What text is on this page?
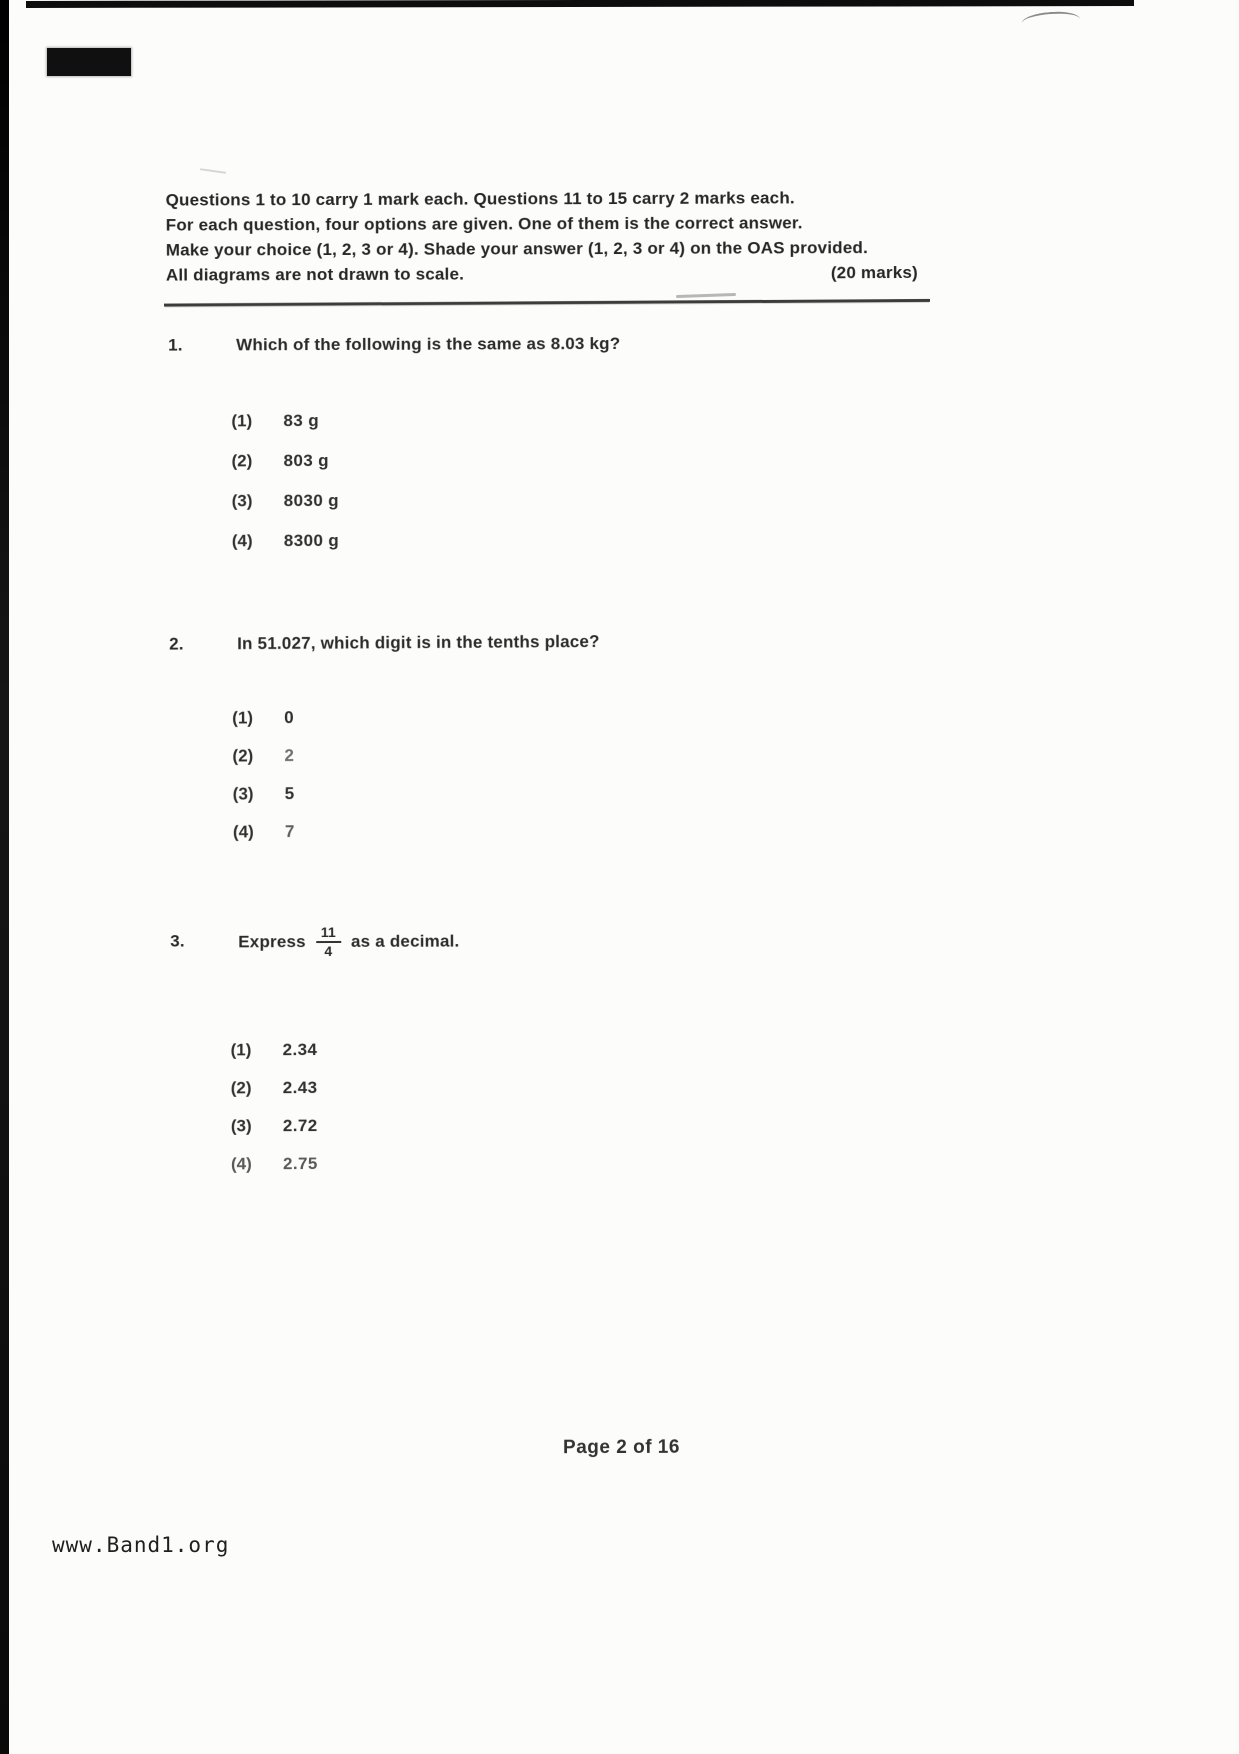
Questions 1 to 10 carry 1 mark each. Questions 11 to 15 carry 2 marks each.

For each question, four options are given. One of them is the correct answer.

Make your choice (1, 2, 3 or 4). Shade your answer (1, 2, 3 or 4) on the OAS provided.

All diagrams are not drawn to scale.	(20 marks)

1.	Which of the following is the same as 8.03 kg?
(1)	83 g
(2)	803 g
(3)	8030 g
(4)	8300 g
2.	In 51.027, which digit is in the tenths place?
(1)	0
(2)	2
(3)	5
(4)	7
3.	Express $\frac{11}{4}$ as a decimal.
(1)	2.34
(2)	2.43
(3)	2.72
(4)	2.75
Page 2 of 16
www.Band1.org
